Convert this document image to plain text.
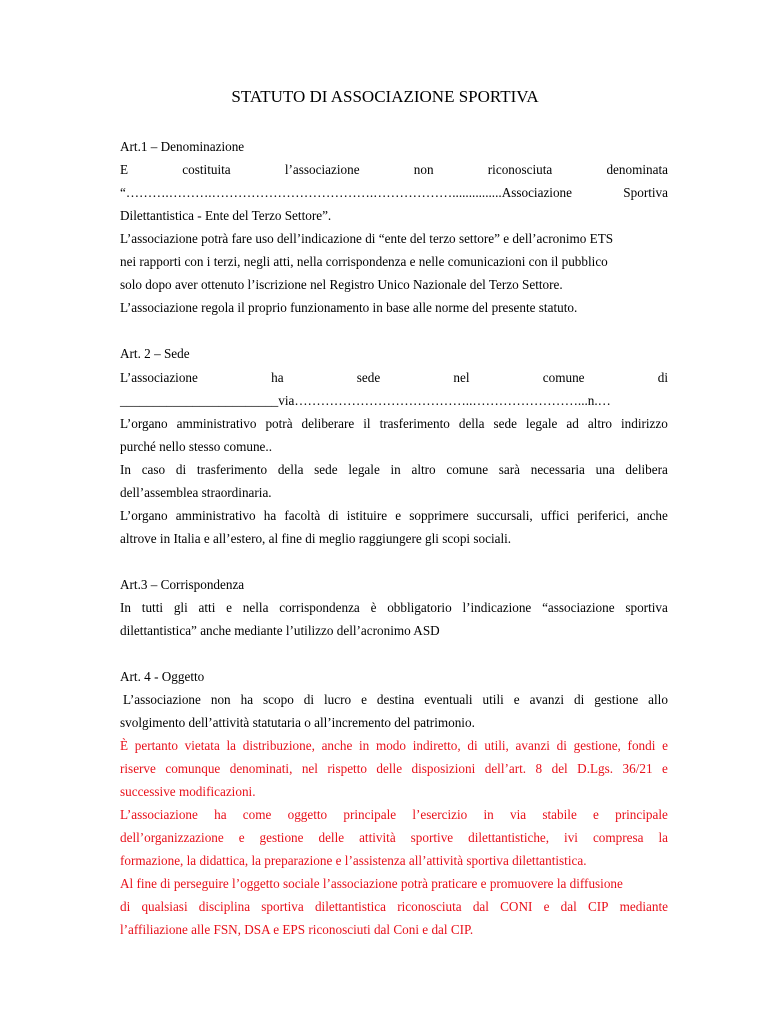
STATUTO DI ASSOCIAZIONE SPORTIVA
Art.1 – Denominazione
E	costituita	l’associazione	non	riconosciuta	denominata
“……….……….……………………………….………………...............Associazione	Sportiva
Dilettantistica - Ente del Terzo Settore”.
L’associazione potrà fare uso dell’indicazione di “ente del terzo settore” e dell’acronimo ETS
nei rapporti con i terzi, negli atti, nella corrispondenza e nelle comunicazioni con il pubblico
solo dopo aver ottenuto l’iscrizione nel Registro Unico Nazionale del Terzo Settore.
L’associazione regola il proprio funzionamento in base alle norme del presente statuto.
Art. 2 – Sede
L’associazione	ha	sede	nel	comune	di
________________________via…………………………………..……………………...n.…
L’organo amministrativo potrà deliberare il trasferimento della sede legale ad altro indirizzo
purché nello stesso comune..
In caso di trasferimento della sede legale in altro comune sarà necessaria una delibera
dell’assemblea straordinaria.
L’organo amministrativo ha facoltà di istituire e sopprimere succursali, uffici periferici, anche
altrove in Italia e all’estero, al fine di meglio raggiungere gli scopi sociali.
Art.3 – Corrispondenza
In tutti gli atti e nella corrispondenza è obbligatorio l’indicazione “associazione sportiva
dilettantistica” anche mediante l’utilizzo dell’acronimo ASD
Art. 4 - Oggetto
L’associazione non ha scopo di lucro e destina eventuali utili e avanzi di gestione allo
svolgimento dell’attività statutaria o all’incremento del patrimonio.
È pertanto vietata la distribuzione, anche in modo indiretto, di utili, avanzi di gestione, fondi e
riserve comunque denominati, nel rispetto delle disposizioni dell’art. 8 del D.Lgs. 36/21 e
successive modificazioni.
L’associazione ha come oggetto principale l’esercizio in via stabile e principale
dell’organizzazione e gestione delle attività sportive dilettantistiche, ivi compresa la
formazione, la didattica, la preparazione e l’assistenza all’attività sportiva dilettantistica.
Al fine di perseguire l’oggetto sociale l’associazione potrà praticare e promuovere la diffusione
di qualsiasi disciplina sportiva dilettantistica riconosciuta dal CONI e dal CIP mediante
l’affiliazione alle FSN, DSA e EPS riconosciuti dal Coni e dal CIP.
